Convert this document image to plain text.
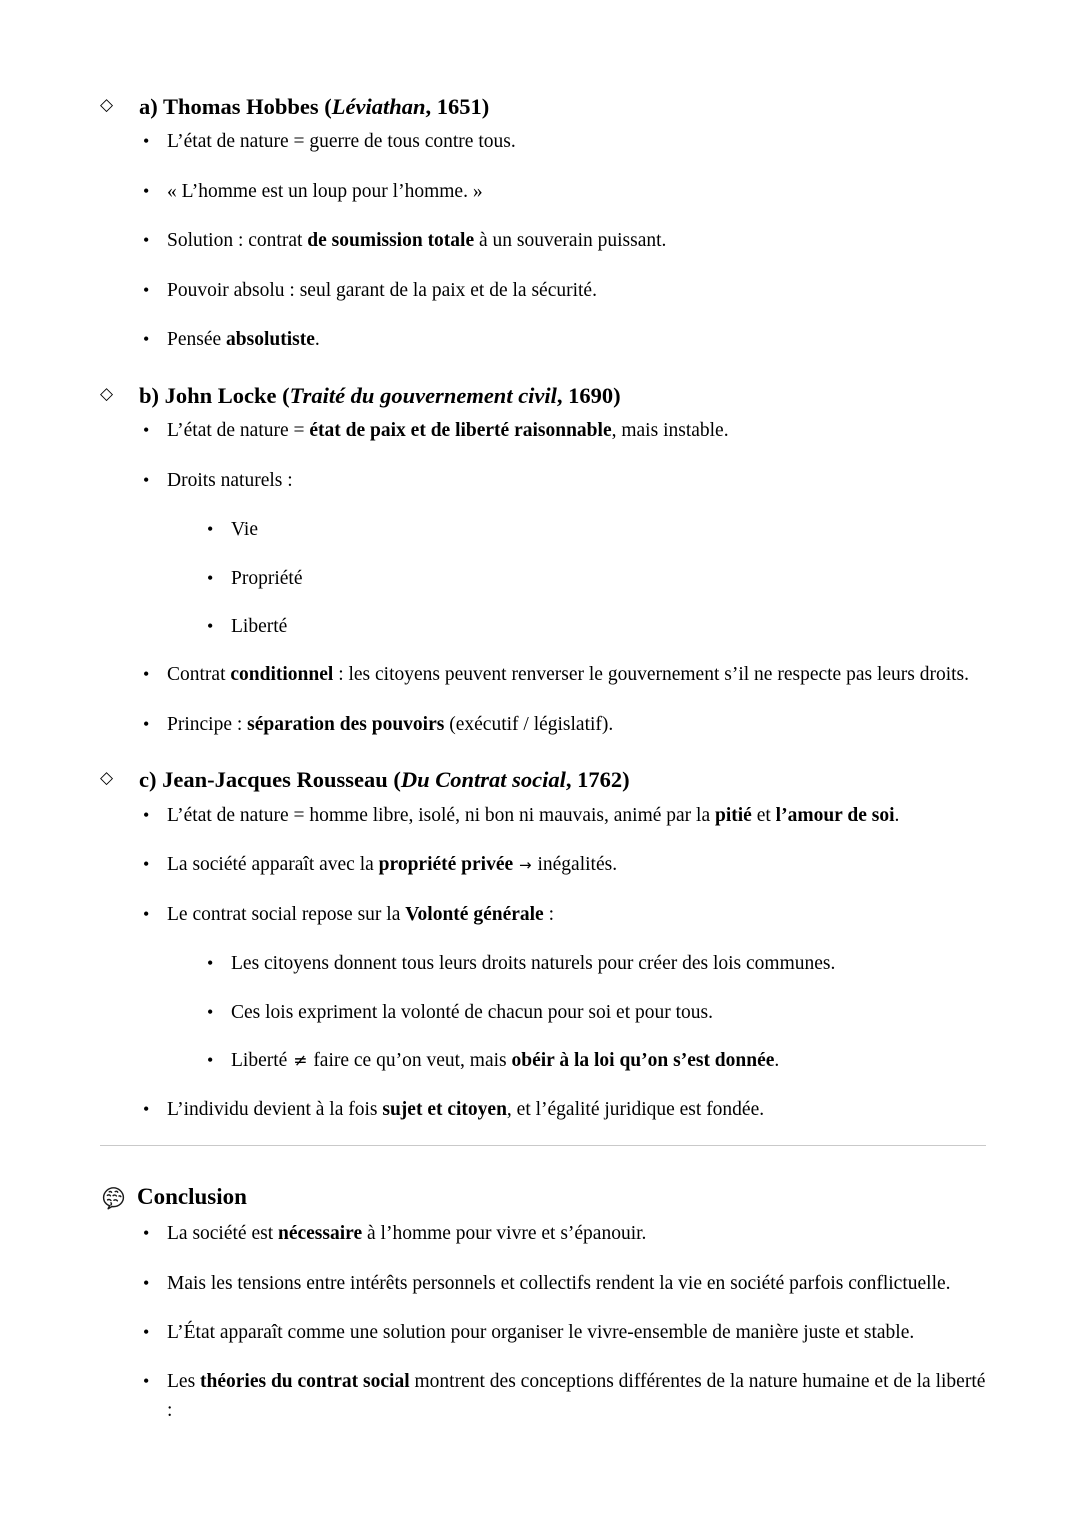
◇	a) Thomas Hobbes (Léviathan, 1651)
• L’état de nature = guerre de tous contre tous.
• « L’homme est un loup pour l’homme. »
• Solution : contrat de soumission totale à un souverain puissant.
• Pouvoir absolu : seul garant de la paix et de la sécurité.
• Pensée absolutiste.
◇	b) John Locke (Traité du gouvernement civil, 1690)
• L’état de nature = état de paix et de liberté raisonnable, mais instable.
• Droits naturels :
• Vie
• Propriété
• Liberté
• Contrat conditionnel : les citoyens peuvent renverser le gouvernement s’il ne respecte pas leurs droits.
• Principe : séparation des pouvoirs (exécutif / législatif).
◇	c) Jean-Jacques Rousseau (Du Contrat social, 1762)
• L’état de nature = homme libre, isolé, ni bon ni mauvais, animé par la pitié et l’amour de soi.
• La société apparaît avec la propriété privée → inégalités.
• Le contrat social repose sur la Volonté générale :
• Les citoyens donnent tous leurs droits naturels pour créer des lois communes.
• Ces lois expriment la volonté de chacun pour soi et pour tous.
• Liberté ≠ faire ce qu’on veut, mais obéir à la loi qu’on s’est donnée.
• L’individu devient à la fois sujet et citoyen, et l’égalité juridique est fondée.
Conclusion
• La société est nécessaire à l’homme pour vivre et s’épanouir.
• Mais les tensions entre intérêts personnels et collectifs rendent la vie en société parfois conflictuelle.
• L’État apparaît comme une solution pour organiser le vivre-ensemble de manière juste et stable.
• Les théories du contrat social montrent des conceptions différentes de la nature humaine et de la liberté :
